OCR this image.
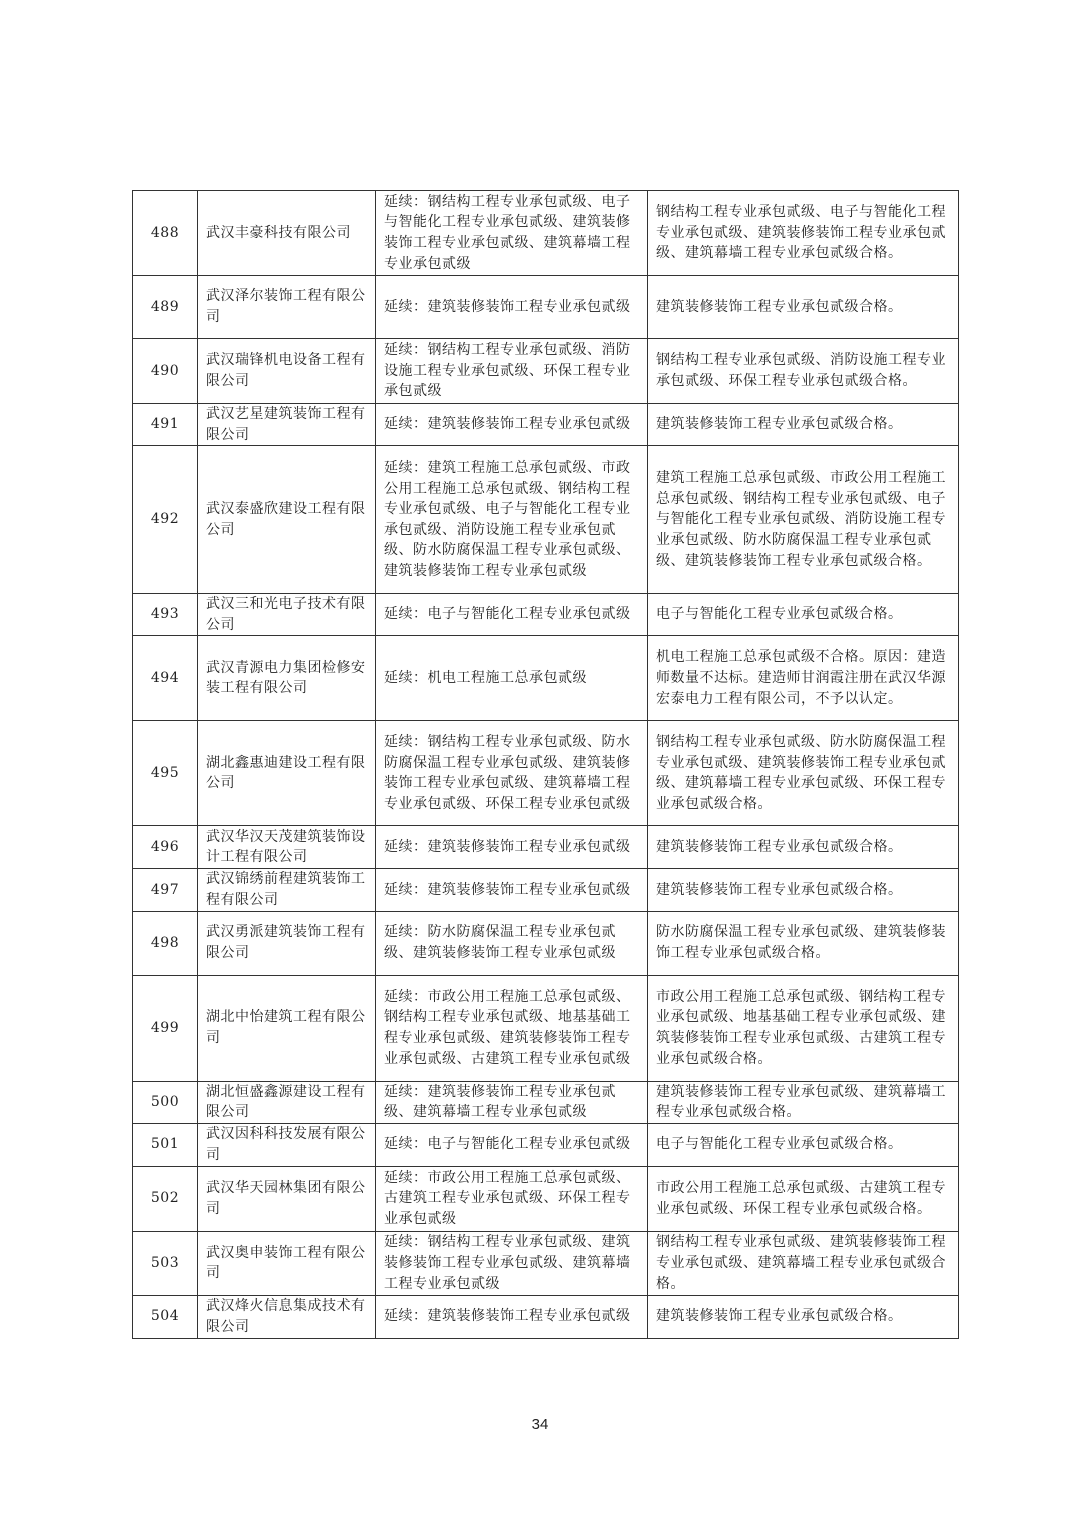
488	武汉丰豪科技有限公司	延续：钢结构工程专业承包贰级、电子与智能化工程专业承包贰级、建筑装修装饰工程专业承包贰级、建筑幕墙工程专业承包贰级	钢结构工程专业承包贰级、电子与智能化工程专业承包贰级、建筑装修装饰工程专业承包贰级、建筑幕墙工程专业承包贰级合格。
489	武汉泽尔装饰工程有限公司	延续：建筑装修装饰工程专业承包贰级	建筑装修装饰工程专业承包贰级合格。
490	武汉瑞锋机电设备工程有限公司	延续：钢结构工程专业承包贰级、消防设施工程专业承包贰级、环保工程专业承包贰级	钢结构工程专业承包贰级、消防设施工程专业承包贰级、环保工程专业承包贰级合格。
491	武汉艺星建筑装饰工程有限公司	延续：建筑装修装饰工程专业承包贰级	建筑装修装饰工程专业承包贰级合格。
492	武汉泰盛欣建设工程有限公司	延续：建筑工程施工总承包贰级、市政公用工程施工总承包贰级、钢结构工程专业承包贰级、电子与智能化工程专业承包贰级、消防设施工程专业承包贰级、防水防腐保温工程专业承包贰级、建筑装修装饰工程专业承包贰级	建筑工程施工总承包贰级、市政公用工程施工总承包贰级、钢结构工程专业承包贰级、电子与智能化工程专业承包贰级、消防设施工程专业承包贰级、防水防腐保温工程专业承包贰级、建筑装修装饰工程专业承包贰级合格。
493	武汉三和光电子技术有限公司	延续：电子与智能化工程专业承包贰级	电子与智能化工程专业承包贰级合格。
494	武汉青源电力集团检修安装工程有限公司	延续：机电工程施工总承包贰级	机电工程施工总承包贰级不合格。原因：建造师数量不达标。建造师甘润霞注册在武汉华源宏泰电力工程有限公司，不予以认定。
495	湖北鑫惠迪建设工程有限公司	延续：钢结构工程专业承包贰级、防水防腐保温工程专业承包贰级、建筑装修装饰工程专业承包贰级、建筑幕墙工程专业承包贰级、环保工程专业承包贰级	钢结构工程专业承包贰级、防水防腐保温工程专业承包贰级、建筑装修装饰工程专业承包贰级、建筑幕墙工程专业承包贰级、环保工程专业承包贰级合格。
496	武汉华汉天茂建筑装饰设计工程有限公司	延续：建筑装修装饰工程专业承包贰级	建筑装修装饰工程专业承包贰级合格。
497	武汉锦绣前程建筑装饰工程有限公司	延续：建筑装修装饰工程专业承包贰级	建筑装修装饰工程专业承包贰级合格。
498	武汉勇派建筑装饰工程有限公司	延续：防水防腐保温工程专业承包贰级、建筑装修装饰工程专业承包贰级	防水防腐保温工程专业承包贰级、建筑装修装饰工程专业承包贰级合格。
499	湖北中怡建筑工程有限公司	延续：市政公用工程施工总承包贰级、钢结构工程专业承包贰级、地基基础工程专业承包贰级、建筑装修装饰工程专业承包贰级、古建筑工程专业承包贰级	市政公用工程施工总承包贰级、钢结构工程专业承包贰级、地基基础工程专业承包贰级、建筑装修装饰工程专业承包贰级、古建筑工程专业承包贰级合格。
500	湖北恒盛鑫源建设工程有限公司	延续：建筑装修装饰工程专业承包贰级、建筑幕墙工程专业承包贰级	建筑装修装饰工程专业承包贰级、建筑幕墙工程专业承包贰级合格。
501	武汉因科科技发展有限公司	延续：电子与智能化工程专业承包贰级	电子与智能化工程专业承包贰级合格。
502	武汉华天园林集团有限公司	延续：市政公用工程施工总承包贰级、古建筑工程专业承包贰级、环保工程专业承包贰级	市政公用工程施工总承包贰级、古建筑工程专业承包贰级、环保工程专业承包贰级合格。
503	武汉奥申装饰工程有限公司	延续：钢结构工程专业承包贰级、建筑装修装饰工程专业承包贰级、建筑幕墙工程专业承包贰级	钢结构工程专业承包贰级、建筑装修装饰工程专业承包贰级、建筑幕墙工程专业承包贰级合格。
504	武汉烽火信息集成技术有限公司	延续：建筑装修装饰工程专业承包贰级	建筑装修装饰工程专业承包贰级合格。
34
